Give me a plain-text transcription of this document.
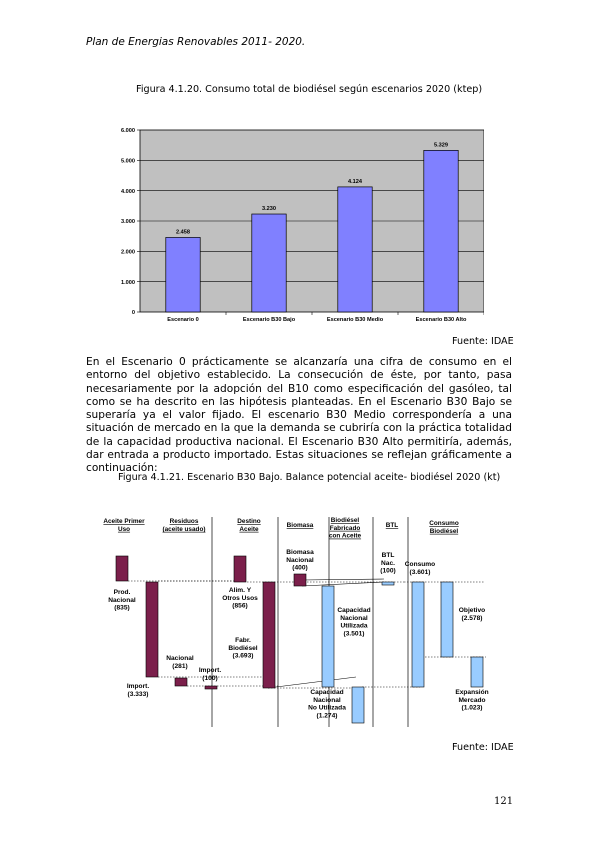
Plan de Energias Renovables 2011- 2020.
Figura 4.1.20. Consumo total de biodiésel según escenarios 2020 (ktep)
0
1.000
2.000
3.000
4.000
5.000
6.000
2.458
Escenario 0
3.230
Escenario B30 Bajo
4.124
Escenario B30 Medio
5.329
Escenario B30 Alto
Fuente: IDAE
En el Escenario 0 prácticamente se alcanzaría una cifra de consumo en el entorno del objetivo establecido. La consecución de éste, por tanto, pasa necesariamente por la adopción del B10 como especificación del gasóleo, tal como se ha descrito en las hipótesis planteadas. En el Escenario B30 Bajo se superaría ya el valor fijado. El escenario B30 Medio correspondería a una situación de mercado en la que la demanda se cubriría con la práctica totalidad de la capacidad productiva nacional. El Escenario B30 Alto permitiría, además, dar entrada a producto importado. Estas situaciones se reflejan gráficamente a continuación:
Figura 4.1.21. Escenario B30 Bajo. Balance potencial aceite- biodiésel 2020 (kt)
Aceite Primer Uso
Residuos (aceite usado)
Destino Aceite
Biomasa
Biodiésel Fabricado con Aceite
BTL	Consumo Biodiésel
Prod. Nacional (835)
Import. (3.333)
Nacional (281)
Import. (100)
Alim. Y Otros Usos (856)
Fabr. Biodiésel (3.693)
Biomasa Nacional (400)
Capacidad Nacional Utilizada (3.501)
Capacidad Nacional No Utilizada (1.274)
BTL Nac. (100)
Consumo (3.601)
Objetivo (2.578)
Expansión Mercado (1.023)
Fuente: IDAE
121
